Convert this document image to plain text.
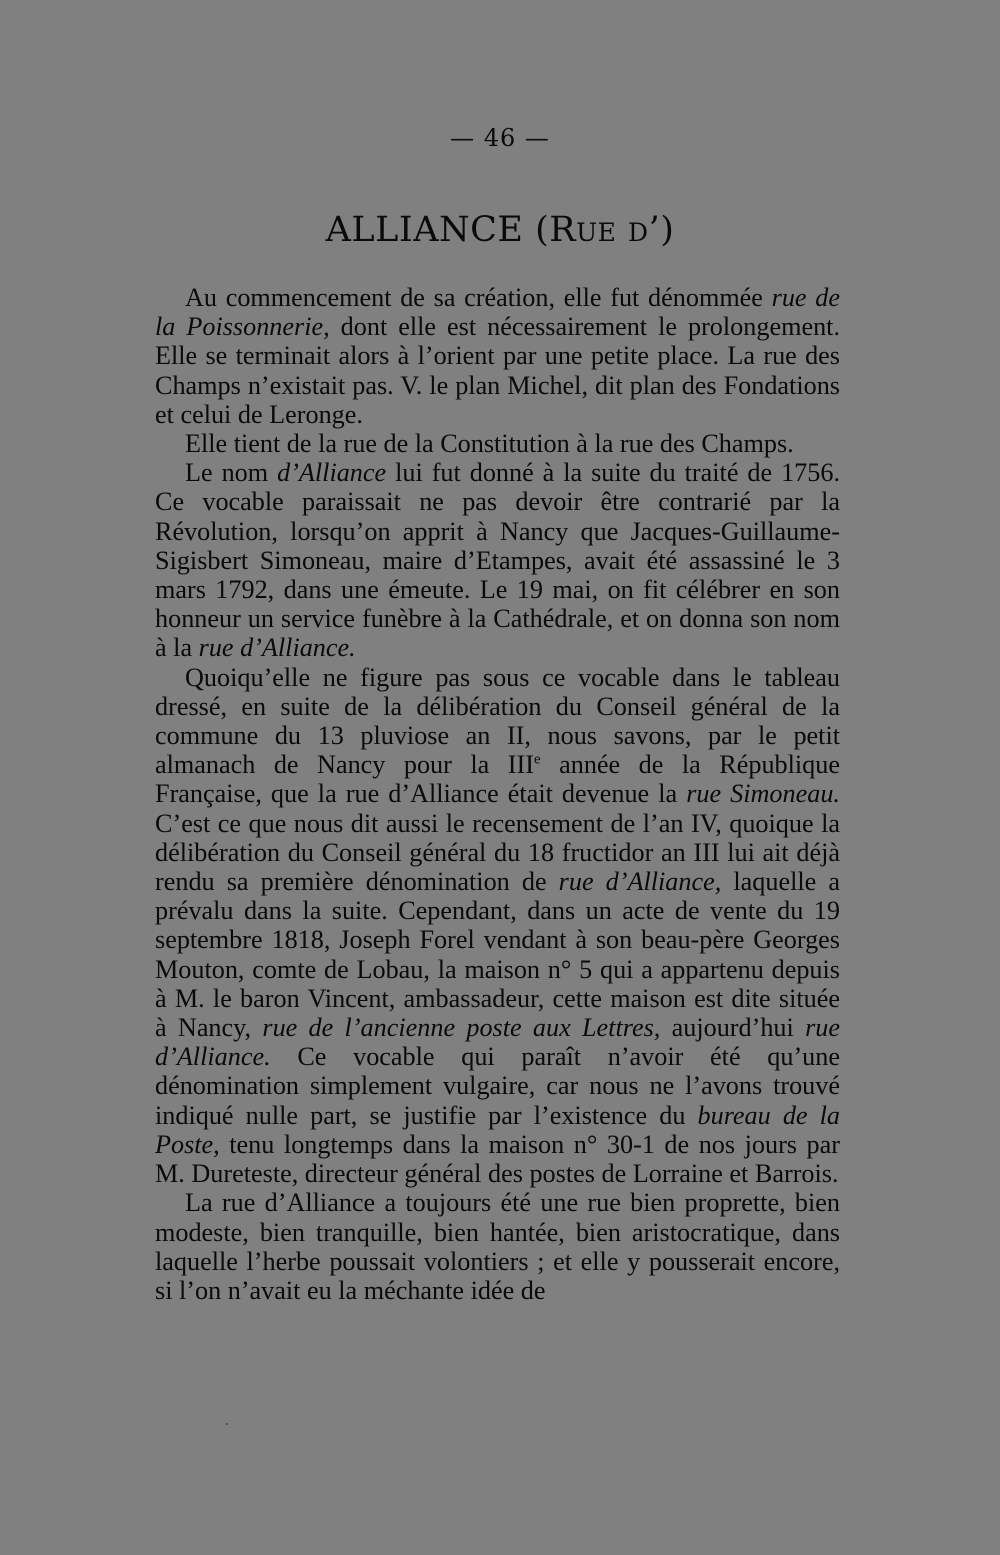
— 46 —
ALLIANCE (Rue d’)

Au commencement de sa création, elle fut dénommée rue de la Poissonnerie, dont elle est nécessairement le prolongement. Elle se terminait alors à l’orient par une petite place. La rue des Champs n’existait pas. V. le plan Michel, dit plan des Fondations et celui de Leronge.

Elle tient de la rue de la Constitution à la rue des Champs.

Le nom d’Alliance lui fut donné à la suite du traité de 1756. Ce vocable paraissait ne pas devoir être contrarié par la Révolution, lorsqu’on apprit à Nancy que Jacques-Guillaume-Sigisbert Simoneau, maire d’Etampes, avait été assassiné le 3 mars 1792, dans une émeute. Le 19 mai, on fit célébrer en son honneur un service funèbre à la Cathédrale, et on donna son nom à la rue d’Alliance.

Quoiqu’elle ne figure pas sous ce vocable dans le tableau dressé, en suite de la délibération du Conseil général de la commune du 13 pluviose an II, nous savons, par le petit almanach de Nancy pour la IIIe année de la République Française, que la rue d’Alliance était devenue la rue Simoneau. C’est ce que nous dit aussi le recensement de l’an IV, quoique la délibération du Conseil général du 18 fructidor an III lui ait déjà rendu sa première dénomination de rue d’Alliance, laquelle a prévalu dans la suite. Cependant, dans un acte de vente du 19 septembre 1818, Joseph Forel vendant à son beau-père Georges Mouton, comte de Lobau, la maison n° 5 qui a appartenu depuis à M. le baron Vincent, ambassadeur, cette maison est dite située à Nancy, rue de l’ancienne poste aux Lettres, aujourd’hui rue d’Alliance. Ce vocable qui paraît n’avoir été qu’une dénomination simplement vulgaire, car nous ne l’avons trouvé indiqué nulle part, se justifie par l’existence du bureau de la Poste, tenu longtemps dans la maison n° 30-1 de nos jours par M. Dureteste, directeur général des postes de Lorraine et Barrois.

La rue d’Alliance a toujours été une rue bien proprette, bien modeste, bien tranquille, bien hantée, bien aristocratique, dans laquelle l’herbe poussait volontiers ; et elle y pousserait encore, si l’on n’avait eu la méchante idée de
